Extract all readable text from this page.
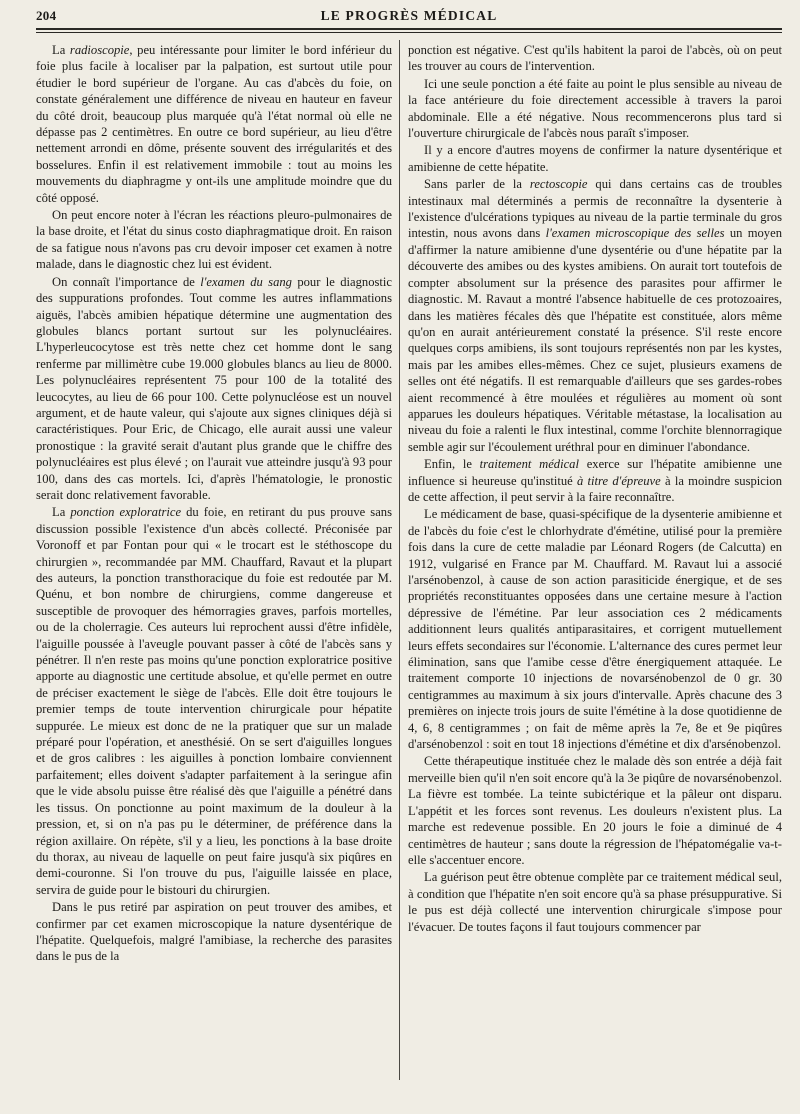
204	LE PROGRÈS MÉDICAL

La radioscopie, peu intéressante pour limiter le bord inférieur du foie plus facile à localiser par la palpation, est surtout utile pour étudier le bord supérieur de l'organe. Au cas d'abcès du foie, on constate généralement une différence de niveau en hauteur en faveur du côté droit, beaucoup plus marquée qu'à l'état normal où elle ne dépasse pas 2 centimètres. En outre ce bord supérieur, au lieu d'être nettement arrondi en dôme, présente souvent des irrégularités et des bosselures. Enfin il est relativement immobile : tout au moins les mouvements du diaphragme y ont-ils une amplitude moindre que du côté opposé.

On peut encore noter à l'écran les réactions pleuro-pulmonaires de la base droite, et l'état du sinus costo diaphragmatique droit. En raison de sa fatigue nous n'avons pas cru devoir imposer cet examen à notre malade, dans le diagnostic chez lui est évident.

On connaît l'importance de l'examen du sang pour le diagnostic des suppurations profondes. Tout comme les autres inflammations aiguës, l'abcès amibien hépatique détermine une augmentation des globules blancs portant surtout sur les polynucléaires. L'hyperleucocytose est très nette chez cet homme dont le sang renferme par millimètre cube 19.000 globules blancs au lieu de 8000. Les polynucléaires représentent 75 pour 100 de la totalité des leucocytes, au lieu de 66 pour 100. Cette polynucléose est un nouvel argument, et de haute valeur, qui s'ajoute aux signes cliniques déjà si caractéristiques. Pour Eric, de Chicago, elle aurait aussi une valeur pronostique : la gravité serait d'autant plus grande que le chiffre des polynucléaires est plus élevé ; on l'aurait vue atteindre jusqu'à 93 pour 100, dans des cas mortels. Ici, d'après l'hématologie, le pronostic serait donc relativement favorable.

La ponction exploratrice du foie, en retirant du pus prouve sans discussion possible l'existence d'un abcès collecté. Préconisée par Voronoff et par Fontan pour qui « le trocart est le stéthoscope du chirurgien », recommandée par MM. Chauffard, Ravaut et la plupart des auteurs, la ponction transthoracique du foie est redoutée par M. Quénu, et bon nombre de chirurgiens, comme dangereuse et susceptible de provoquer des hémorragies graves, parfois mortelles, ou de la cholerragie. Ces auteurs lui reprochent aussi d'être infidèle, l'aiguille poussée à l'aveugle pouvant passer à côté de l'abcès sans y pénétrer. Il n'en reste pas moins qu'une ponction exploratrice positive apporte au diagnostic une certitude absolue, et qu'elle permet en outre de préciser exactement le siège de l'abcès. Elle doit être toujours le premier temps de toute intervention chirurgicale pour hépatite suppurée. Le mieux est donc de ne la pratiquer que sur un malade préparé pour l'opération, et anesthésié. On se sert d'aiguilles longues et de gros calibres : les aiguilles à ponction lombaire conviennent parfaitement; elles doivent s'adapter parfaitement à la seringue afin que le vide absolu puisse être réalisé dès que l'aiguille a pénétré dans les tissus. On ponctionne au point maximum de la douleur à la pression, et, si on n'a pas pu le déterminer, de préférence dans la région axillaire. On répète, s'il y a lieu, les ponctions à la base droite du thorax, au niveau de laquelle on peut faire jusqu'à six piqûres en demi-couronne. Si l'on trouve du pus, l'aiguille laissée en place, servira de guide pour le bistouri du chirurgien.

Dans le pus retiré par aspiration on peut trouver des amibes, et confirmer par cet examen microscopique la nature dysentérique de l'hépatite. Quelquefois, malgré l'amibiase, la recherche des parasites dans le pus de la

ponction est négative. C'est qu'ils habitent la paroi de l'abcès, où on peut les trouver au cours de l'intervention.

Ici une seule ponction a été faite au point le plus sensible au niveau de la face antérieure du foie directement accessible à travers la paroi abdominale. Elle a été négative. Nous recommencerons plus tard si l'ouverture chirurgicale de l'abcès nous paraît s'imposer.

Il y a encore d'autres moyens de confirmer la nature dysentérique et amibienne de cette hépatite.

Sans parler de la rectoscopie qui dans certains cas de troubles intestinaux mal déterminés a permis de reconnaître la dysenterie à l'existence d'ulcérations typiques au niveau de la partie terminale du gros intestin, nous avons dans l'examen microscopique des selles un moyen d'affirmer la nature amibienne d'une dysentérie ou d'une hépatite par la découverte des amibes ou des kystes amibiens. On aurait tort toutefois de compter absolument sur la présence des parasites pour affirmer le diagnostic. M. Ravaut a montré l'absence habituelle de ces protozoaires, dans les matières fécales dès que l'hépatite est constituée, alors même qu'on en aurait antérieurement constaté la présence. S'il reste encore quelques corps amibiens, ils sont toujours représentés non par les kystes, mais par les amibes elles-mêmes. Chez ce sujet, plusieurs examens de selles ont été négatifs. Il est remarquable d'ailleurs que ses gardes-robes aient recommencé à être moulées et régulières au moment où sont apparues les douleurs hépatiques. Véritable métastase, la localisation au niveau du foie a ralenti le flux intestinal, comme l'orchite blennorragique semble agir sur l'écoulement uréthral pour en diminuer l'abondance.

Enfin, le traitement médical exerce sur l'hépatite amibienne une influence si heureuse qu'institué à titre d'épreuve à la moindre suspicion de cette affection, il peut servir à la faire reconnaître.

Le médicament de base, quasi-spécifique de la dysenterie amibienne et de l'abcès du foie c'est le chlorhydrate d'émétine, utilisé pour la première fois dans la cure de cette maladie par Léonard Rogers (de Calcutta) en 1912, vulgarisé en France par M. Chauffard. M. Ravaut lui a associé l'arsénobenzol, à cause de son action parasiticide énergique, et de ses propriétés reconstituantes opposées dans une certaine mesure à l'action dépressive de l'émétine. Par leur association ces 2 médicaments additionnent leurs qualités antiparasitaires, et corrigent mutuellement leurs effets secondaires sur l'économie. L'alternance des cures permet leur élimination, sans que l'amibe cesse d'être énergiquement attaquée. Le traitement comporte 10 injections de novarsénobenzol de 0 gr. 30 centigrammes au maximum à six jours d'intervalle. Après chacune des 3 premières on injecte trois jours de suite l'émétine à la dose quotidienne de 4, 6, 8 centigrammes ; on fait de même après la 7e, 8e et 9e piqûres d'arsénobenzol : soit en tout 18 injections d'émétine et dix d'arsénobenzol.

Cette thérapeutique instituée chez le malade dès son entrée a déjà fait merveille bien qu'il n'en soit encore qu'à la 3e piqûre de novarsénobenzol. La fièvre est tombée. La teinte subictérique et la pâleur ont disparu. L'appétit et les forces sont revenus. Les douleurs n'existent plus. La marche est redevenue possible. En 20 jours le foie a diminué de 4 centimètres de hauteur ; sans doute la régression de l'hépatomégalie va-t-elle s'accentuer encore.

La guérison peut être obtenue complète par ce traitement médical seul, à condition que l'hépatite n'en soit encore qu'à sa phase présuppurative. Si le pus est déjà collecté une intervention chirurgicale s'impose pour l'évacuer. De toutes façons il faut toujours commencer par
